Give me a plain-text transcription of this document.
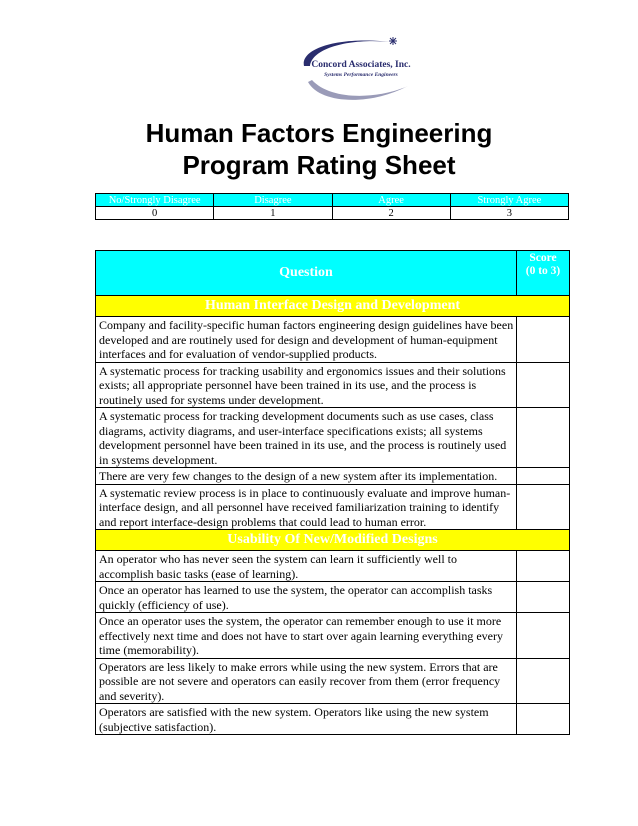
Concord Associates, Inc.
Systems Performance Engineers
Human Factors Engineering
Program Rating Sheet
No/Strongly Disagree	Disagree	Agree	Strongly Agree
0	1	2	3
Question	Score
(0 to 3)

Human Interface Design and Development	
Company and facility-specific human factors engineering design guidelines have been developed and are routinely used for design and development of human-equipment interfaces and for evaluation of vendor-supplied products.	
A systematic process for tracking usability and ergonomics issues and their solutions exists; all appropriate personnel have been trained in its use, and the process is routinely used for systems under development.	
A systematic process for tracking development documents such as use cases, class diagrams, activity diagrams, and user-interface specifications exists; all systems development personnel have been trained in its use, and the process is routinely used in systems development.	
There are very few changes to the design of a new system after its implementation.	
A systematic review process is in place to continuously evaluate and improve human-interface design, and all personnel have received familiarization training to identify and report interface-design problems that could lead to human error.	
Usability Of New/Modified Designs	
An operator who has never seen the system can learn it sufficiently well to accomplish basic tasks (ease of learning).	
Once an operator has learned to use the system, the operator can accomplish tasks quickly (efficiency of use).	
Once an operator uses the system, the operator can remember enough to use it more effectively next time and does not have to start over again learning everything every time (memorability).	
Operators are less likely to make errors while using the new system. Errors that are possible are not severe and operators can easily recover from them (error frequency and severity).	
Operators are satisfied with the new system. Operators like using the new system (subjective satisfaction).	
